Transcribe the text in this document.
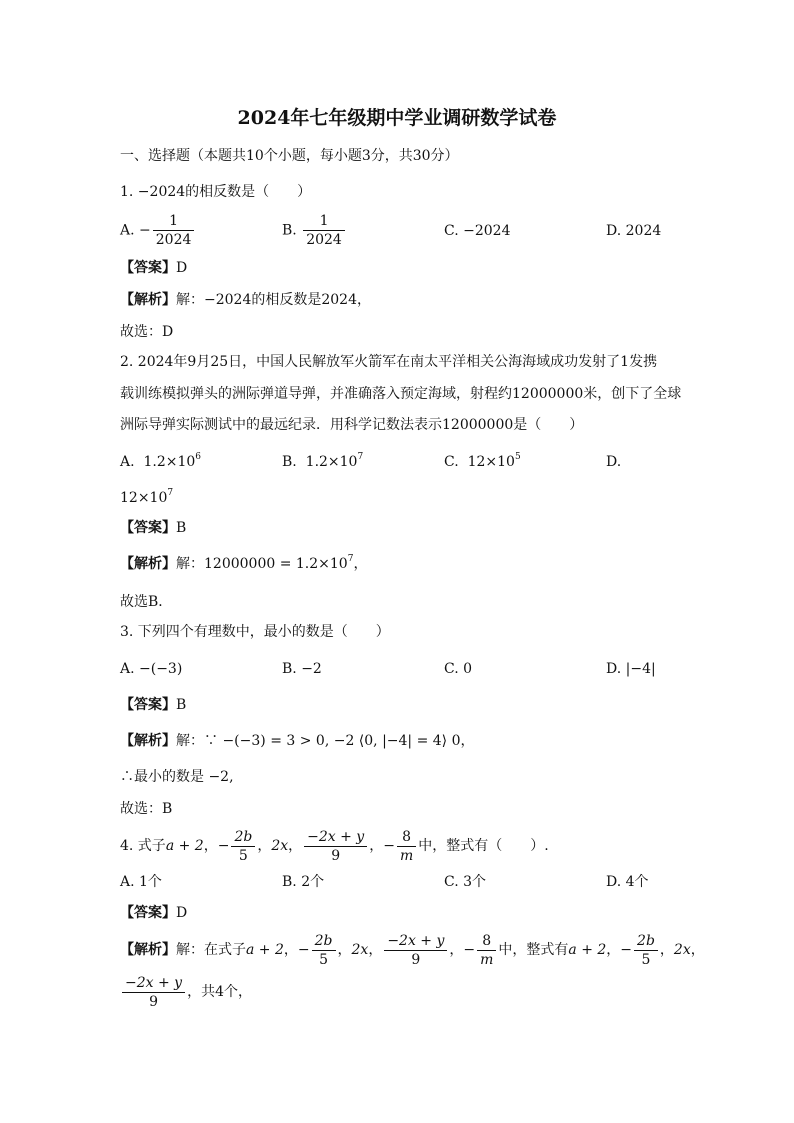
2024年七年级期中学业调研数学试卷
一、选择题（本题共10个小题，每小题3分，共30分）
1. −2024的相反数是（　　）
A. − $\frac{1}{2024}$	B. $\frac{1}{2024}$	C. −2024	D. 2024
【答案】D
【解析】解：−2024的相反数是2024，
故选：D
2. 2024年9月25日，中国人民解放军火箭军在南太平洋相关公海海域成功发射了1发携
载训练模拟弹头的洲际弹道导弹，并准确落入预定海域，射程约12000000米，创下了全球
洲际导弹实际测试中的最远纪录．用科学记数法表示12000000是（　　）
A. $1.2\times 10^6$	B. $1.2\times 10^7$	C. $12\times 10^5$	D.
$12\times 10^7$
【答案】B
【解析】解：$12000000 = 1.2\times 10^7$，
故选B．
3. 下列四个有理数中，最小的数是（　　）
A. −(−3)	B. −2	C. 0	D. |−4|
【答案】B
【解析】解：∵ −(−3) = 3 > 0, −2 ⟨0, |−4| = 4⟩ 0，
∴最小的数是 −2,
故选：B
4. 式子a + 2，− $\frac{2b}{5}$ ，2x， $\frac{-2x + y}{9}$ ，− $\frac{8}{m}$ 中，整式有（　　）.
A. 1个	B. 2个	C. 3个	D. 4个
【答案】D
【解析】解：在式子a + 2，− $\frac{2b}{5}$ ，2x， $\frac{-2x + y}{9}$ ，− $\frac{8}{m}$ 中，整式有a + 2，− $\frac{2b}{5}$ ，2x，
$\frac{-2x + y}{9}$ ，共4个，
